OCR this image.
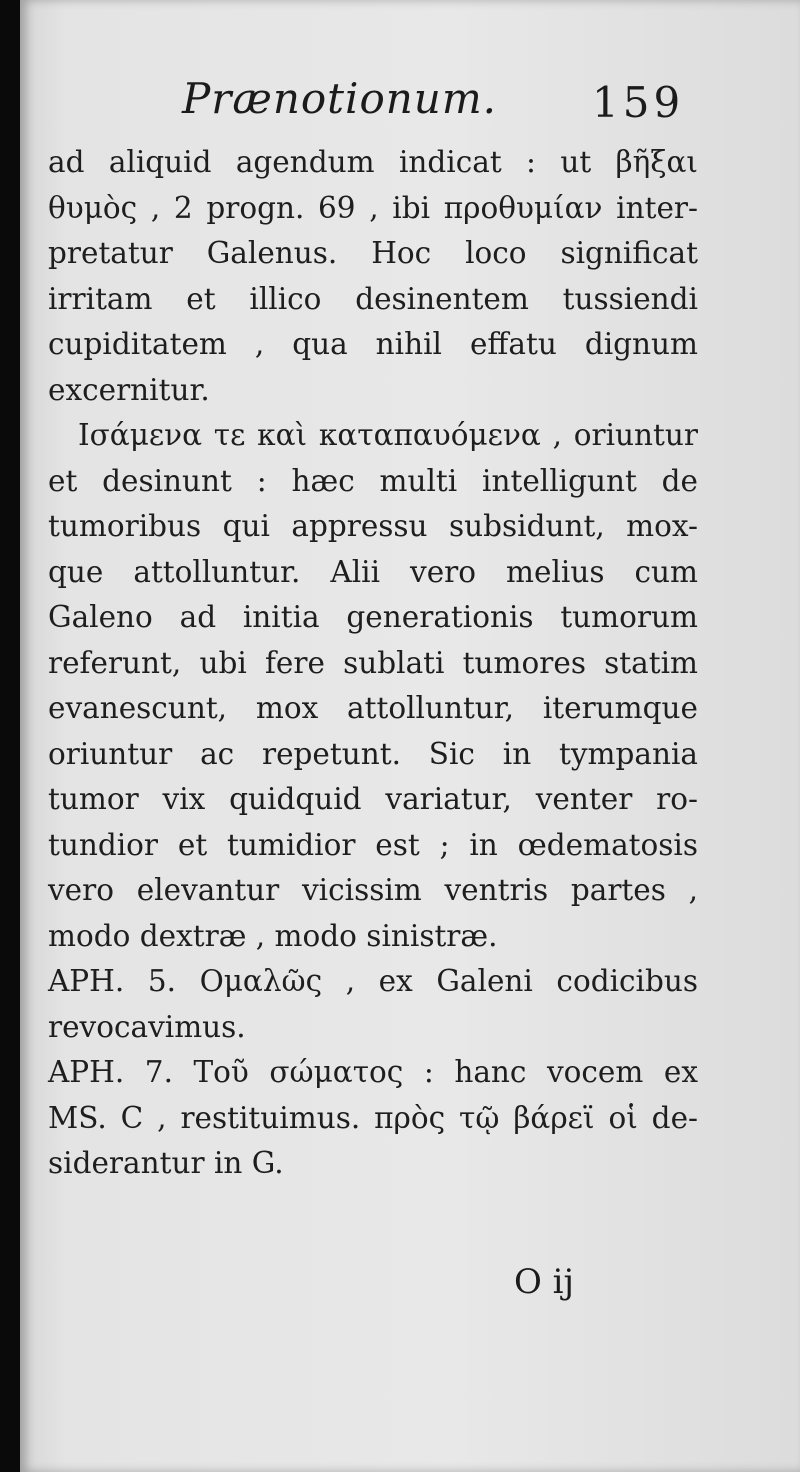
Prænotionum. 159
ad aliquid agendum indicat : ut βῆξαι
θυμὸς , 2 progn. 69 , ibi προθυμίαν inter-
pretatur Galenus. Hoc loco significat
irritam et illico desinentem tussiendi
cupiditatem , qua nihil effatu dignum
excernitur.
Ισάμενα τε καὶ καταπαυόμενα , oriuntur
et desinunt : hæc multi intelligunt de
tumoribus qui appressu subsidunt, mox-
que attolluntur. Alii vero melius cum
Galeno ad initia generationis tumorum
referunt, ubi fere sublati tumores statim
evanescunt, mox attolluntur, iterumque
oriuntur ac repetunt. Sic in tympania
tumor vix quidquid variatur, venter ro-
tundior et tumidior est ; in œdematosis
vero elevantur vicissim ventris partes ,
modo dextræ , modo sinistræ.
APH. 5. Ομαλῶς , ex Galeni codicibus
revocavimus.
APH. 7. Τοῦ σώματος : hanc vocem ex
MS. C , restituimus. πρὸς τῷ βάρεϊ οἱ de-
siderantur in G.
O ij
